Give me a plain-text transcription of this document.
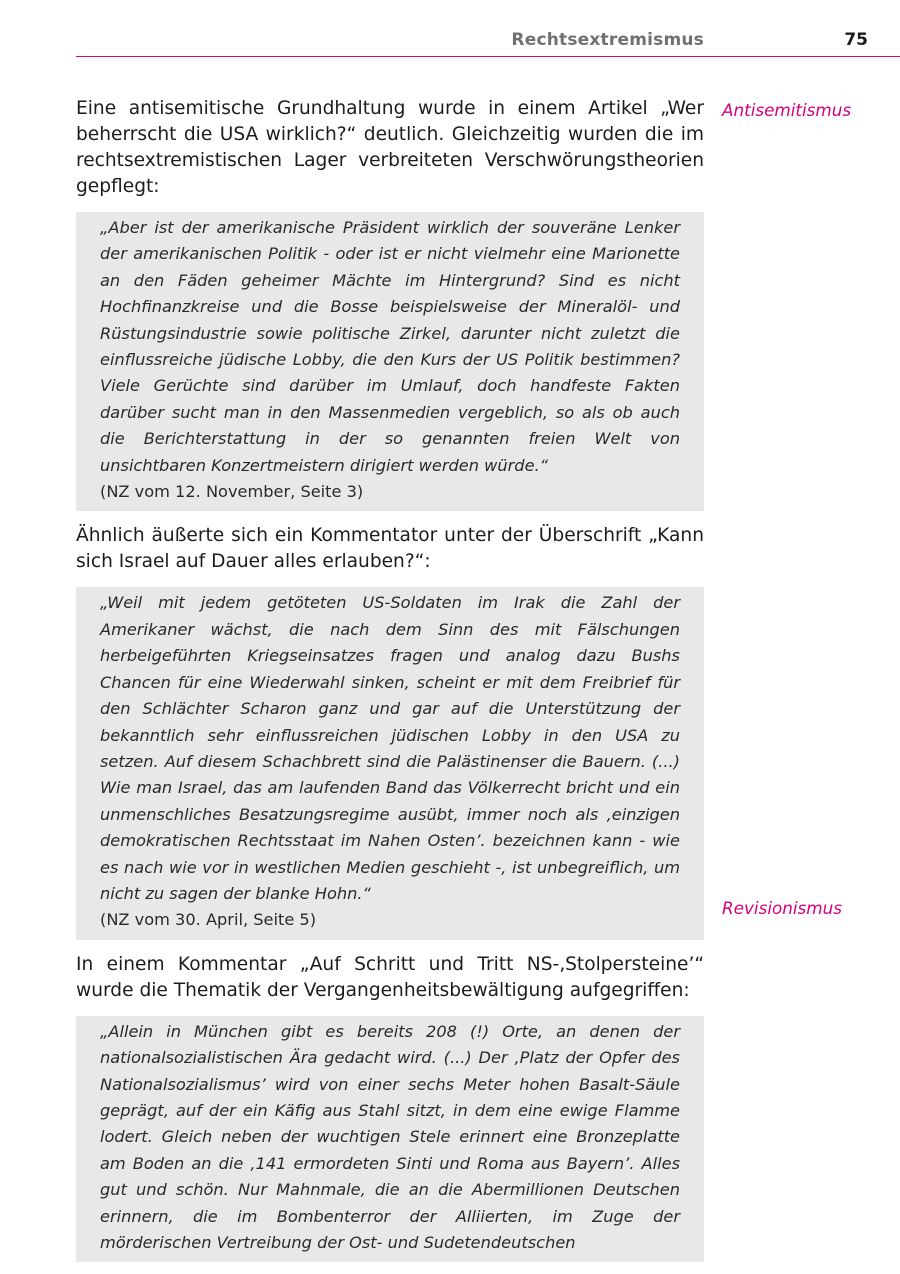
Rechtsextremismus	75
Antisemitismus
Revisionismus

Eine antisemitische Grundhaltung wurde in einem Artikel „Wer beherrscht die USA wirklich?“ deutlich. Gleichzeitig wurden die im rechtsextremistischen Lager verbreiteten Verschwörungstheorien gepflegt:

„Aber ist der amerikanische Präsident wirklich der souveräne Lenker der amerikanischen Politik - oder ist er nicht vielmehr eine Marionette an den Fäden geheimer Mächte im Hintergrund? Sind es nicht Hochfinanzkreise und die Bosse beispielsweise der Mineralöl- und Rüstungsindustrie sowie politische Zirkel, darunter nicht zuletzt die einflussreiche jüdische Lobby, die den Kurs der US Politik bestimmen? Viele Gerüchte sind darüber im Umlauf, doch handfeste Fakten darüber sucht man in den Massenmedien vergeblich, so als ob auch die Berichterstattung in der so genannten freien Welt von unsichtbaren Konzertmeistern dirigiert werden würde.“

(NZ vom 12. November, Seite 3)

Ähnlich äußerte sich ein Kommentator unter der Überschrift „Kann sich Israel auf Dauer alles erlauben?“:

„Weil mit jedem getöteten US-Soldaten im Irak die Zahl der Amerikaner wächst, die nach dem Sinn des mit Fälschungen herbeigeführten Kriegseinsatzes fragen und analog dazu Bushs Chancen für eine Wiederwahl sinken, scheint er mit dem Freibrief für den Schlächter Scharon ganz und gar auf die Unterstützung der bekanntlich sehr einflussreichen jüdischen Lobby in den USA zu setzen. Auf diesem Schachbrett sind die Palästinenser die Bauern. (...) Wie man Israel, das am laufenden Band das Völkerrecht bricht und ein unmenschliches Besatzungsregime ausübt, immer noch als ‚einzigen demokratischen Rechtsstaat im Nahen Osten’. bezeichnen kann - wie es nach wie vor in westlichen Medien geschieht -, ist unbegreiflich, um nicht zu sagen der blanke Hohn.“

(NZ vom 30. April, Seite 5)

In einem Kommentar „Auf Schritt und Tritt NS-‚Stolpersteine’“ wurde die Thematik der Vergangenheitsbewältigung aufgegriffen:

„Allein in München gibt es bereits 208 (!) Orte, an denen der nationalsozialistischen Ära gedacht wird. (...) Der ‚Platz der Opfer des Nationalsozialismus’ wird von einer sechs Meter hohen Basalt-Säule geprägt, auf der ein Käfig aus Stahl sitzt, in dem eine ewige Flamme lodert. Gleich neben der wuchtigen Stele erinnert eine Bronzeplatte am Boden an die ‚141 ermordeten Sinti und Roma aus Bayern’. Alles gut und schön. Nur Mahnmale, die an die Abermillionen Deutschen erinnern, die im Bombenterror der Alliierten, im Zuge der mörderischen Vertreibung der Ost- und Sudetendeutschen
